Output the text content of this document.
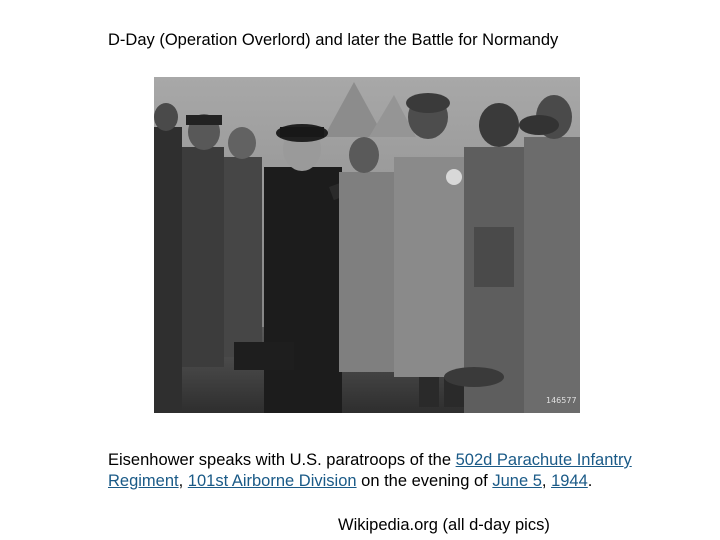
D-Day (Operation Overlord) and later the Battle for Normandy
146577
Eisenhower speaks with U.S. paratroops of the 502d Parachute Infantry Regiment, 101st Airborne Division on the evening of June 5, 1944.
Wikipedia.org (all d-day pics)
